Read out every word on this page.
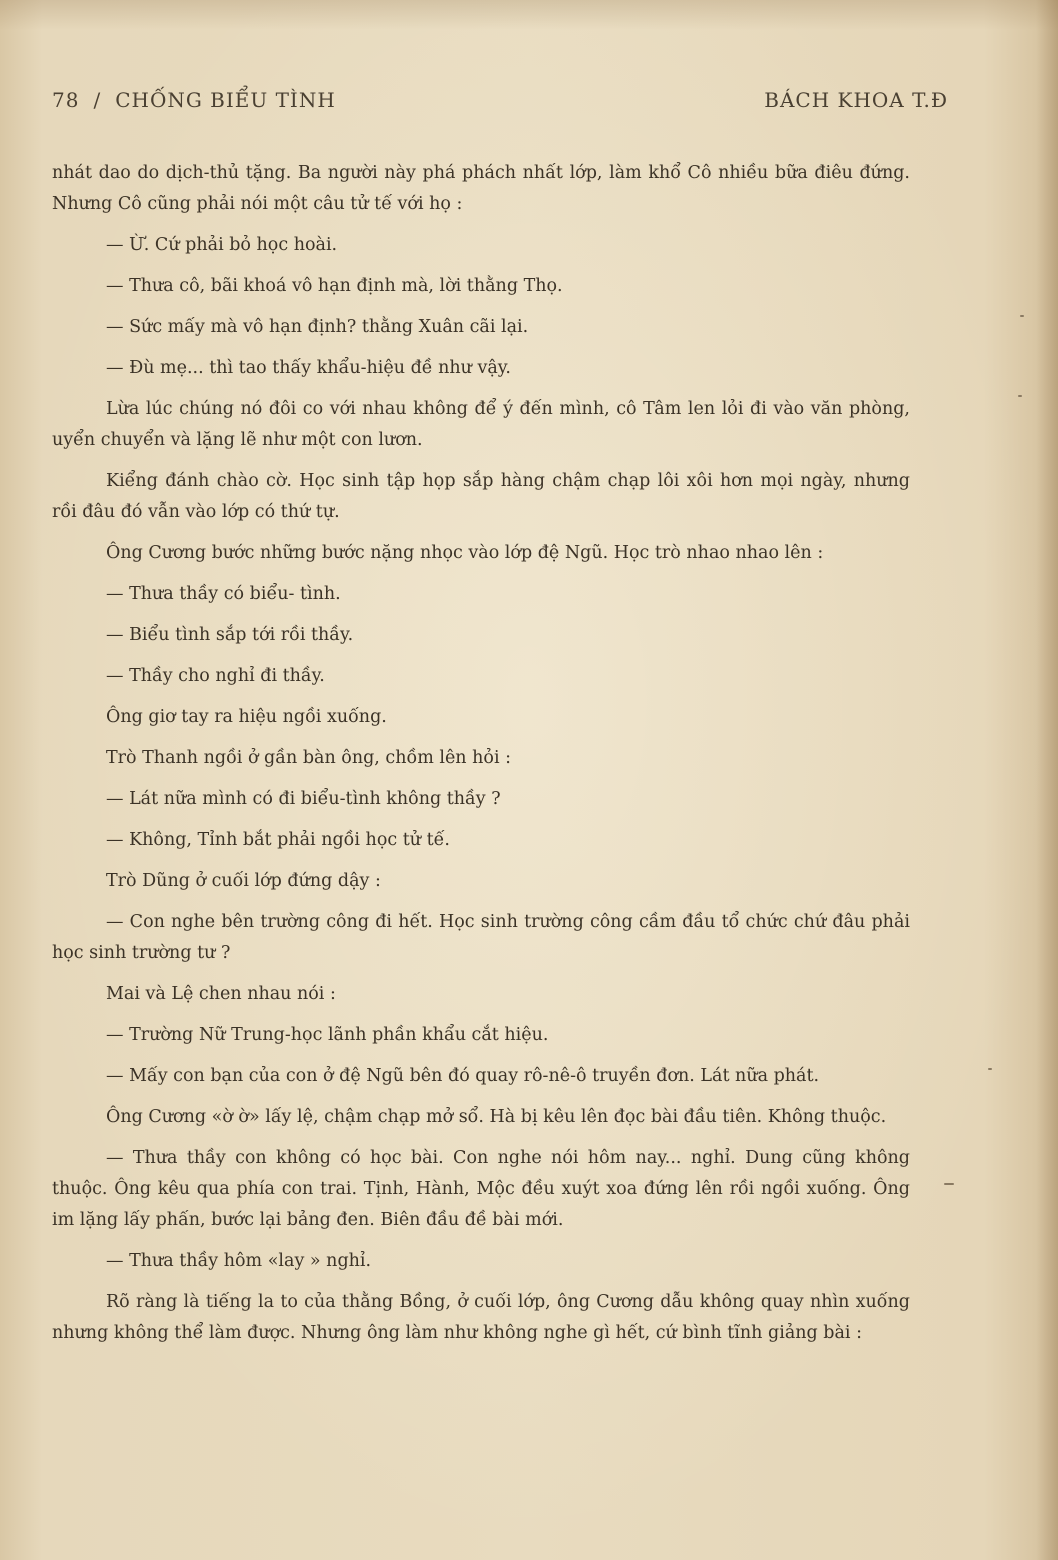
78 / CHỐNG BIỂU TÌNH	BÁCH KHOA T.Đ

nhát dao do dịch-thủ tặng. Ba người này phá phách nhất lớp, làm khổ Cô nhiều bữa điêu đứng. Nhưng Cô cũng phải nói một câu tử tế với họ :

— Ừ. Cứ phải bỏ học hoài.

— Thưa cô, bãi khoá vô hạn định mà, lời thằng Thọ.

— Sức mấy mà vô hạn định? thằng Xuân cãi lại.

— Đù mẹ... thì tao thấy khẩu-hiệu đề như vậy.

Lừa lúc chúng nó đôi co với nhau không để ý đến mình, cô Tâm len lỏi đi vào văn phòng, uyển chuyển và lặng lẽ như một con lươn.

Kiểng đánh chào cờ. Học sinh tập họp sắp hàng chậm chạp lôi xôi hơn mọi ngày, nhưng rồi đâu đó vẫn vào lớp có thứ tự.

Ông Cương bước những bước nặng nhọc vào lớp đệ Ngũ. Học trò nhao nhao lên :

— Thưa thầy có biểu- tình.

— Biểu tình sắp tới rồi thầy.

— Thầy cho nghỉ đi thầy.

Ông giơ tay ra hiệu ngồi xuống.

Trò Thanh ngồi ở gần bàn ông, chồm lên hỏi :

— Lát nữa mình có đi biểu-tình không thầy ?

— Không, Tỉnh bắt phải ngồi học tử tế.

Trò Dũng ở cuối lớp đứng dậy :

— Con nghe bên trường công đi hết. Học sinh trường công cầm đầu tổ chức chứ đâu phải học sinh trường tư ?

Mai và Lệ chen nhau nói :

— Trường Nữ Trung-học lãnh phần khẩu cắt hiệu.

— Mấy con bạn của con ở đệ Ngũ bên đó quay rô-nê-ô truyền đơn. Lát nữa phát.

Ông Cương «ờ ờ» lấy lệ, chậm chạp mở sổ. Hà bị kêu lên đọc bài đầu tiên. Không thuộc.

— Thưa thầy con không có học bài. Con nghe nói hôm nay... nghỉ. Dung cũng không thuộc. Ông kêu qua phía con trai. Tịnh, Hành, Mộc đều xuýt xoa đứng lên rồi ngồi xuống. Ông im lặng lấy phấn, bước lại bảng đen. Biên đầu đề bài mới.

— Thưa thầy hôm «lay » nghỉ.

Rõ ràng là tiếng la to của thằng Bồng, ở cuối lớp, ông Cương dẫu không quay nhìn xuống nhưng không thể làm được. Nhưng ông làm như không nghe gì hết, cứ bình tĩnh giảng bài :
